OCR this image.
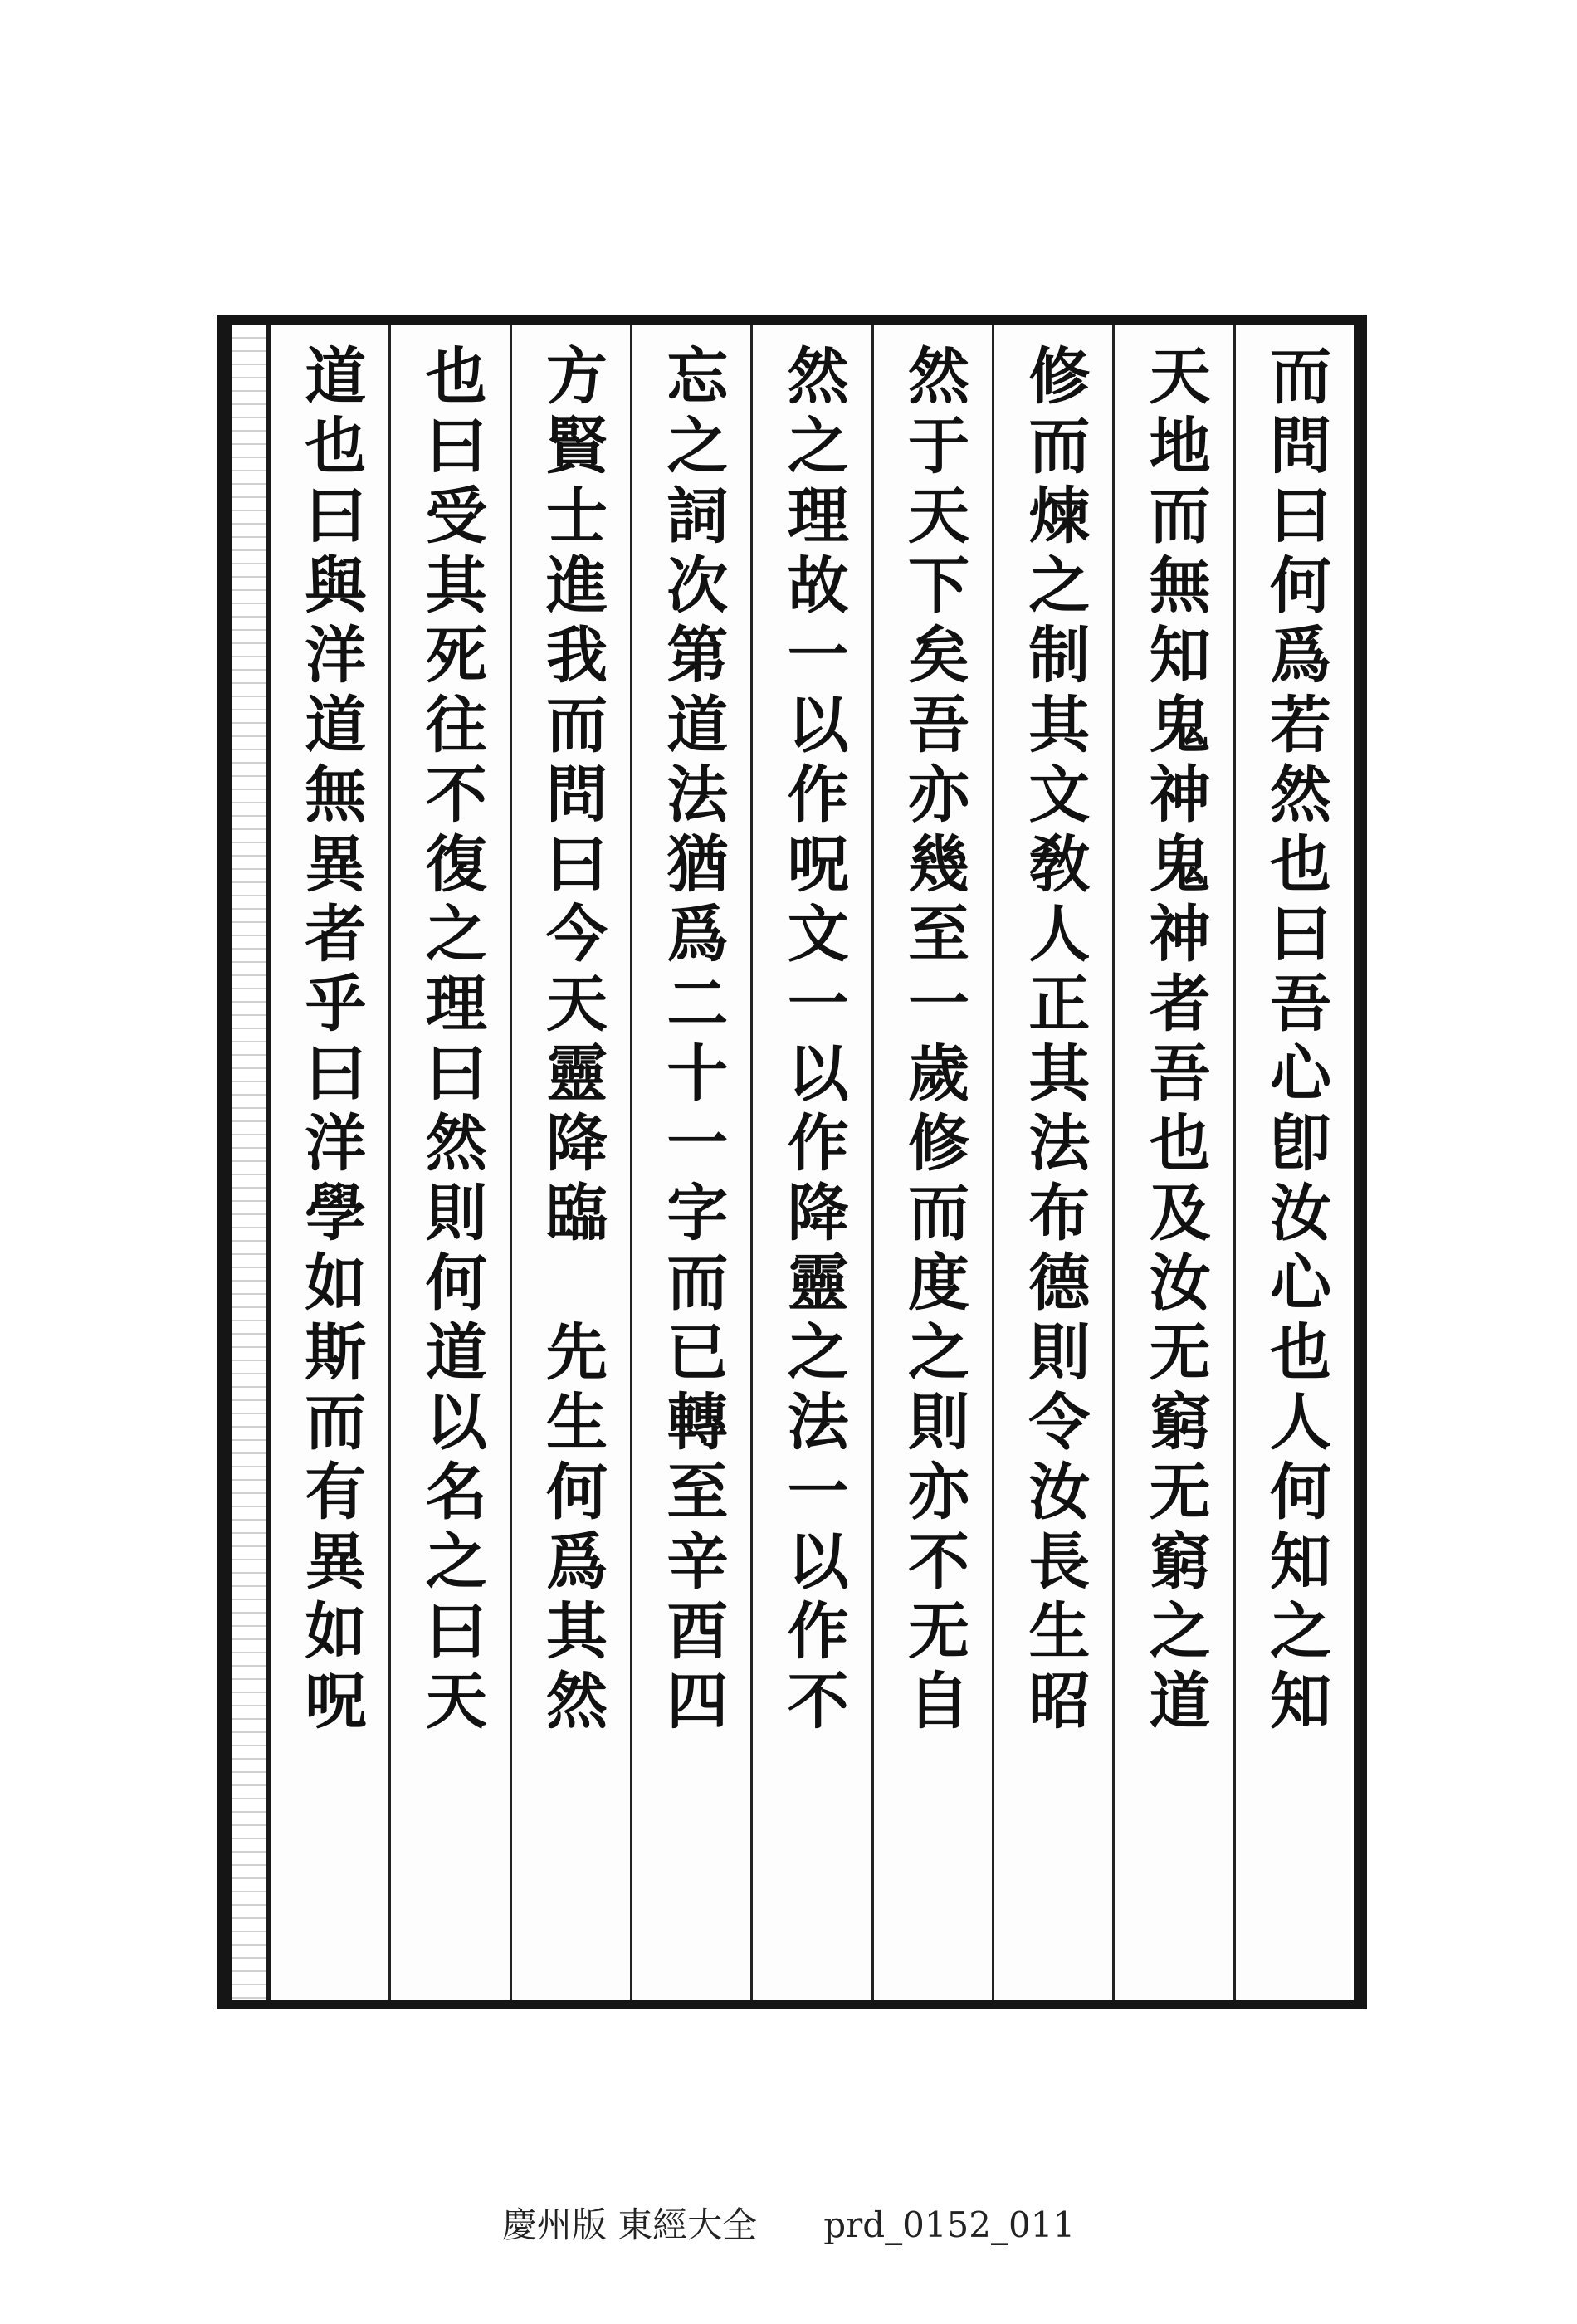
而問曰何爲若然也曰吾心卽汝心也人何知之知
天地而無知鬼神鬼神者吾也及汝无窮无窮之道
修而煉之制其文敎人正其法布德則令汝長生昭
然于天下矣吾亦幾至一歲修而度之則亦不无自
然之理故一以作呪文一以作降靈之法一以作不
忘之詞次第道法猶爲二十一字而已轉至辛酉四
方賢士進我而問曰今天靈降臨　先生何爲其然
也曰受其死往不復之理曰然則何道以名之曰天
道也曰與洋道無異者乎曰洋學如斯而有異如呪
慶州版 東經大全      prd_0152_011
